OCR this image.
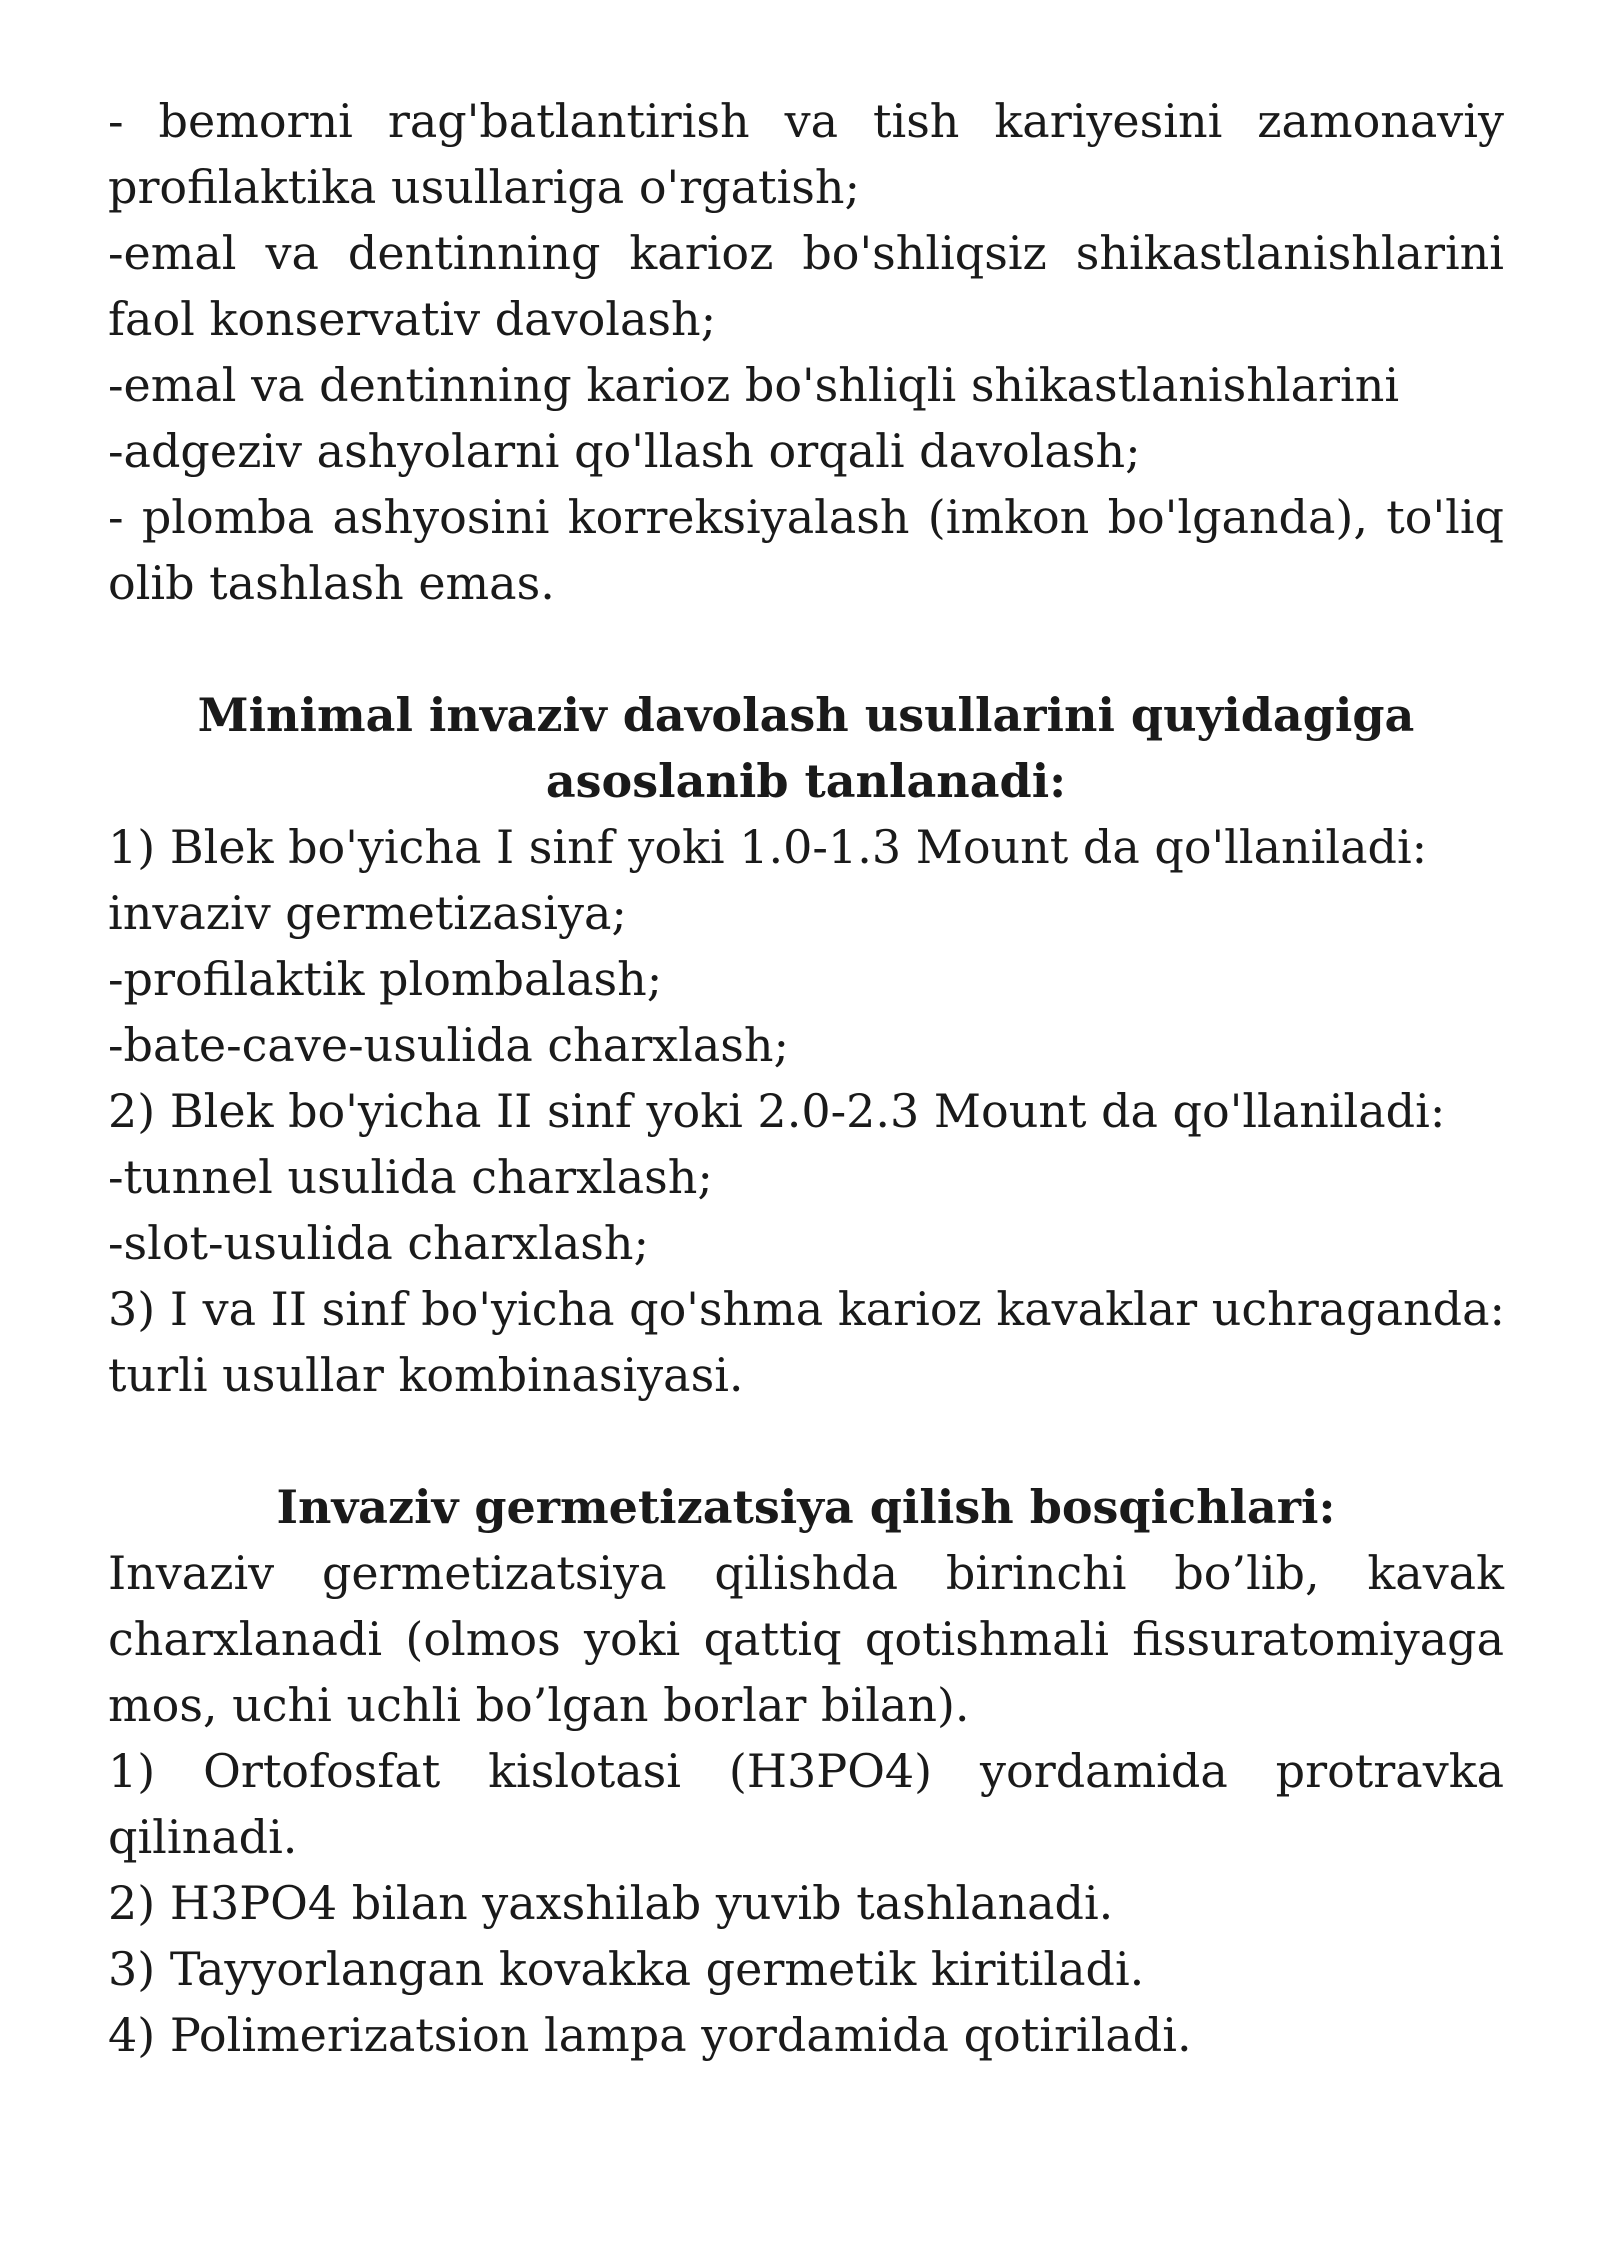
- bemorni rag'batlantirish va tish kariyesini zamonaviy
profilaktika usullariga o'rgatish;
-emal va dentinning karioz bo'shliqsiz shikastlanishlarini
faol konservativ davolash;
-emal va dentinning karioz bo'shliqli shikastlanishlarini
-adgeziv ashyolarni qo'llash orqali davolash;
- plomba ashyosini korreksiyalash (imkon bo'lganda), to'liq
olib tashlash emas.
Minimal invaziv davolash usullarini quyidagiga
asoslanib tanlanadi:
1) Blek bo'yicha I sinf yoki 1.0-1.3 Mount da qo'llaniladi:
invaziv germetizasiya;
-profilaktik plombalash;
-bate-cave-usulida charxlash;
2) Blek bo'yicha II sinf yoki 2.0-2.3 Mount da qo'llaniladi:
-tunnel usulida charxlash;
-slot-usulida charxlash;
3) I va II sinf bo'yicha qo'shma karioz kavaklar uchraganda:
turli usullar kombinasiyasi.
Invaziv germetizatsiya qilish bosqichlari:
Invaziv germetizatsiya qilishda birinchi bo’lib, kavak
charxlanadi (olmos yoki qattiq qotishmali fissuratomiyaga
mos, uchi uchli bo’lgan borlar bilan).
1) Ortofosfat kislotasi (H3PO4) yordamida protravka
qilinadi.
2) H3PO4 bilan yaxshilab yuvib tashlanadi.
3) Tayyorlangan kovakka germetik kiritiladi.
4) Polimerizatsion lampa yordamida qotiriladi.
